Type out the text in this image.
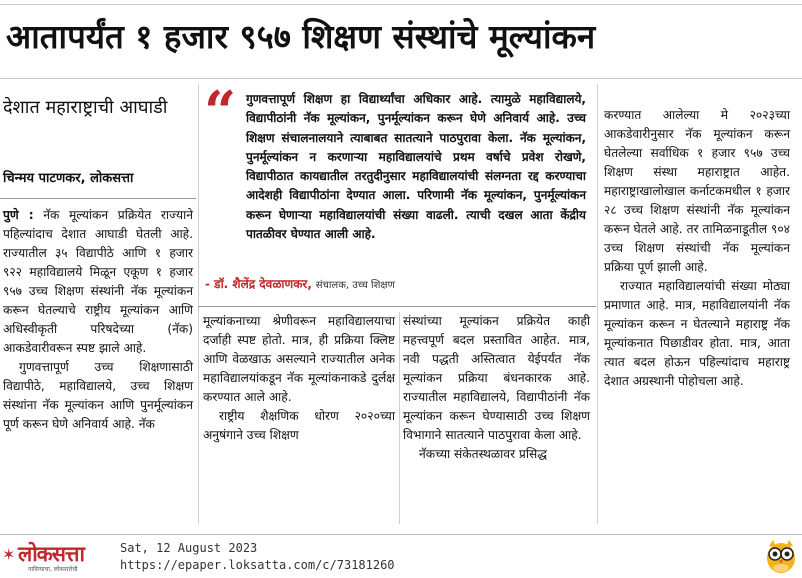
आतापर्यंत १ हजार ९५७ शिक्षण संस्थांचे मूल्यांकन
देशात महाराष्ट्राची आघाडी
चिन्मय पाटणकर, लोकसत्ता

पुणे : नॅक मूल्यांकन प्रक्रियेत राज्याने पहिल्यांदाच देशात आघाडी घेतली आहे. राज्यातील ३५ विद्यापीठे आणि १ हजार ९२२ महाविद्यालये मिळून एकूण १ हजार ९५७ उच्च शिक्षण संस्थांनी नॅक मूल्यांकन करून घेतल्याचे राष्ट्रीय मूल्यांकन आणि अधिस्वीकृती परिषदेच्या (नॅक) आकडेवारीवरून स्पष्ट झाले आहे.

गुणवत्तापूर्ण उच्च शिक्षणासाठी विद्यापीठे, महाविद्यालये, उच्च शिक्षण संस्थांना नॅक मूल्यांकन आणि पुनर्मूल्यांकन पूर्ण करून घेणे अनिवार्य आहे. नॅक

“ गुणवत्तापूर्ण शिक्षण हा विद्यार्थ्यांचा अधिकार आहे. त्यामुळे महाविद्यालये, विद्यापीठांनी नॅक मूल्यांकन, पुनर्मूल्यांकन करून घेणे अनिवार्य आहे. उच्च शिक्षण संचालनालयाने त्याबाबत सातत्याने पाठपुरावा केला. नॅक मूल्यांकन, पुनर्मूल्यांकन न करणाऱ्या महाविद्यालयांचे प्रथम वर्षाचे प्रवेश रोखणे, विद्यापीठात कायद्यातील तरतुदीनुसार महाविद्यालयांची संलग्नता रद्द करण्याचा आदेशही विद्यापीठांना देण्यात आला. परिणामी नॅक मूल्यांकन, पुनर्मूल्यांकन करून घेणाऱ्या महाविद्यालयांची संख्या वाढली. त्याची दखल आता केंद्रीय पातळीवर घेण्यात आली आहे.
- डॉ. शैलेंद्र देवळाणकर, संचालक, उच्च शिक्षण

मूल्यांकनाच्या श्रेणीवरून महाविद्यालयाचा दर्जाही स्पष्ट होतो. मात्र, ही प्रक्रिया क्लिष्ट आणि वेळखाऊ असल्याने राज्यातील अनेक महाविद्यालयांकडून नॅक मूल्यांकनाकडे दुर्लक्ष करण्यात आले आहे.

राष्ट्रीय शैक्षणिक धोरण २०२०च्या अनुषंगाने उच्च शिक्षण

संस्थांच्या मूल्यांकन प्रक्रियेत काही महत्त्वपूर्ण बदल प्रस्तावित आहेत. मात्र, नवी पद्धती अस्तित्वात येईपर्यंत नॅक मूल्यांकन प्रक्रिया बंधनकारक आहे. राज्यातील महाविद्यालये, विद्यापीठांनी नॅक मूल्यांकन करून घेण्यासाठी उच्च शिक्षण विभागाने सातत्याने पाठपुरावा केला आहे.

नॅकच्या संकेतस्थळावर प्रसिद्ध

करण्यात आलेल्या मे २०२३च्या आकडेवारीनुसार नॅक मूल्यांकन करून घेतलेल्या सर्वाधिक १ हजार ९५७ उच्च शिक्षण संस्था महाराष्ट्रात आहेत. महाराष्ट्राखालोखाल कर्नाटकमधील १ हजार २८ उच्च शिक्षण संस्थांनी नॅक मूल्यांकन करून घेतले आहे. तर तामिळनाडूतील ९०४ उच्च शिक्षण संस्थांची नॅक मूल्यांकन प्रक्रिया पूर्ण झाली आहे.

राज्यात महाविद्यालयांची संख्या मोठ्या प्रमाणात आहे. मात्र, महाविद्यालयांनी नॅक मूल्यांकन करून न घेतल्याने महाराष्ट्र नॅक मूल्यांकनात पिछाडीवर होता. मात्र, आता त्यात बदल होऊन पहिल्यांदाच महाराष्ट्र देशात अग्रस्थानी पोहोचला आहे.

✶ लोकसत्ता
नाविन्याचा, लोकसत्तेची
Sat, 12 August 2023
https://epaper.loksatta.com/c/73181260
